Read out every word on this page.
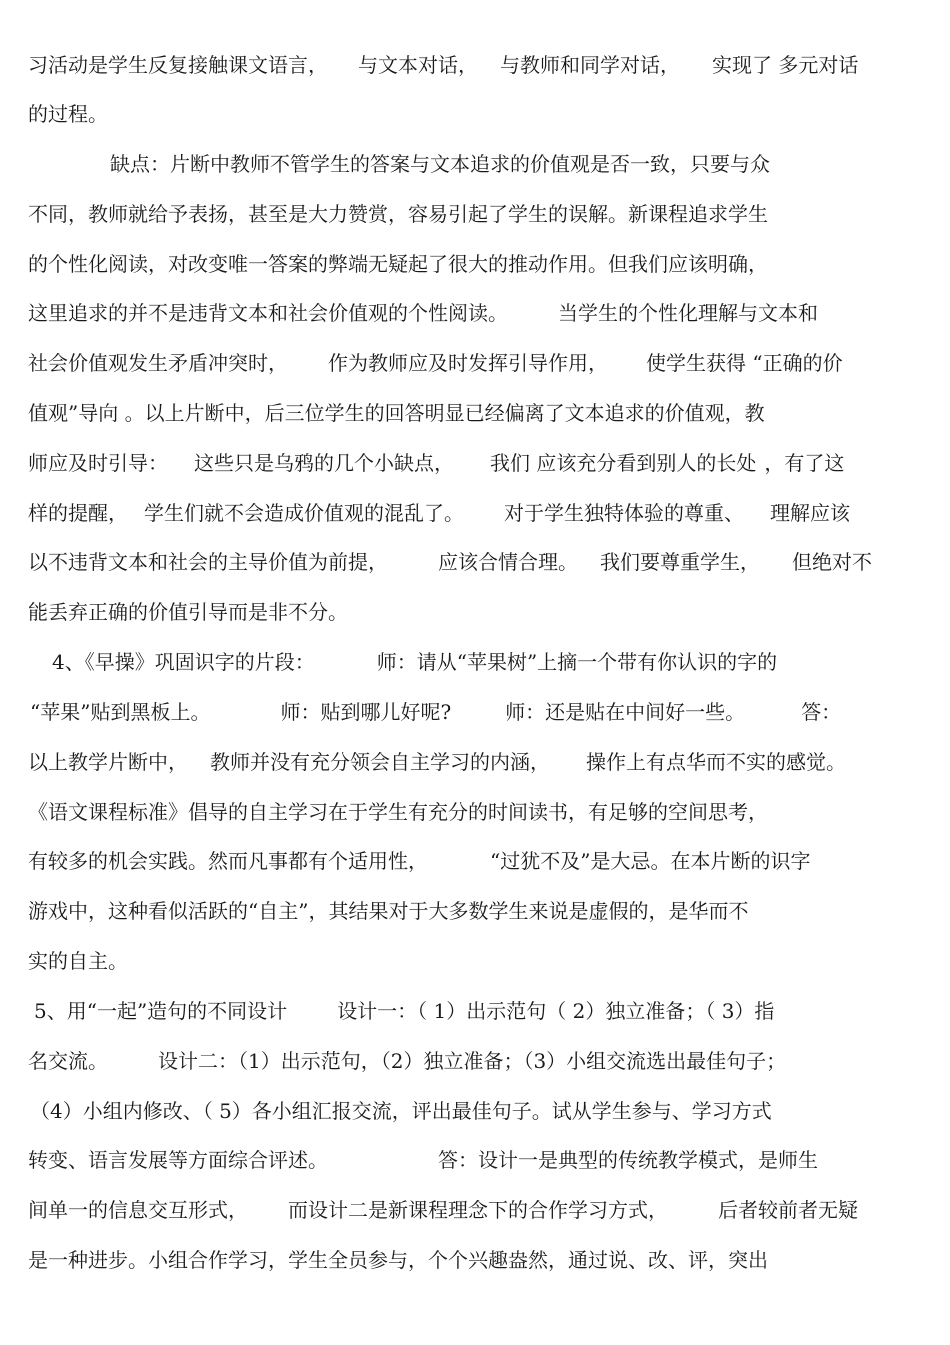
习活动是学生反复接触课文语言， 与文本对话， 与教师和同学对话， 实现了 多元对话
的过程。
缺点：片断中教师不管学生的答案与文本追求的价值观是否一致，只要与众
不同，教师就给予表扬，甚至是大力赞赏，容易引起了学生的误解。新课程追求学生
的个性化阅读，对改变唯一答案的弊端无疑起了很大的推动作用。但我们应该明确，
这里追求的并不是违背文本和社会价值观的个性阅读。	当学生的个性化理解与文本和
社会价值观发生矛盾冲突时， 作为教师应及时发挥引导作用， 使学生获得 “正确的价
值观”导向 。以上片断中，后三位学生的回答明显已经偏离了文本追求的价值观，教
师应及时引导： 这些只是乌鸦的几个小缺点， 我们 应该充分看到别人的长处 ，有了这
样的提醒， 学生们就不会造成价值观的混乱了。 对于学生独特体验的尊重、 理解应该
以不违背文本和社会的主导价值为前提，	应该合情合理。 我们要尊重学生， 但绝对不
能丢弃正确的价值引导而是非不分。
4、《早操》巩固识字的片段：	师：请从“苹果树”上摘一个带有你认识的字的
“苹果”贴到黑板上。	师：贴到哪儿好呢?	师：还是贴在中间好一些。	答：
以上教学片断中， 教师并没有充分领会自主学习的内涵， 操作上有点华而不实的感觉。
《语文课程标准》倡导的自主学习在于学生有充分的时间读书，有足够的空间思考，
有较多的机会实践。然而凡事都有个适用性，	“过犹不及”是大忌。在本片断的识字
游戏中，这种看似活跃的“自主”，其结果对于大多数学生来说是虚假的，是华而不
实的自主。
5、用“一起”造句的不同设计	设计一：（ 1）出示范句（ 2）独立准备；（ 3）指
名交流。	设计二：（1）出示范句，（2）独立准备；（3）小组交流选出最佳句子；
（4）小组内修改、（ 5）各小组汇报交流，评出最佳句子。试从学生参与、学习方式
转变、语言发展等方面综合评述。	答：设计一是典型的传统教学模式，是师生
间单一的信息交互形式， 而设计二是新课程理念下的合作学习方式，	后者较前者无疑
是一种进步。小组合作学习，学生全员参与，个个兴趣盎然，通过说、改、评，突出
